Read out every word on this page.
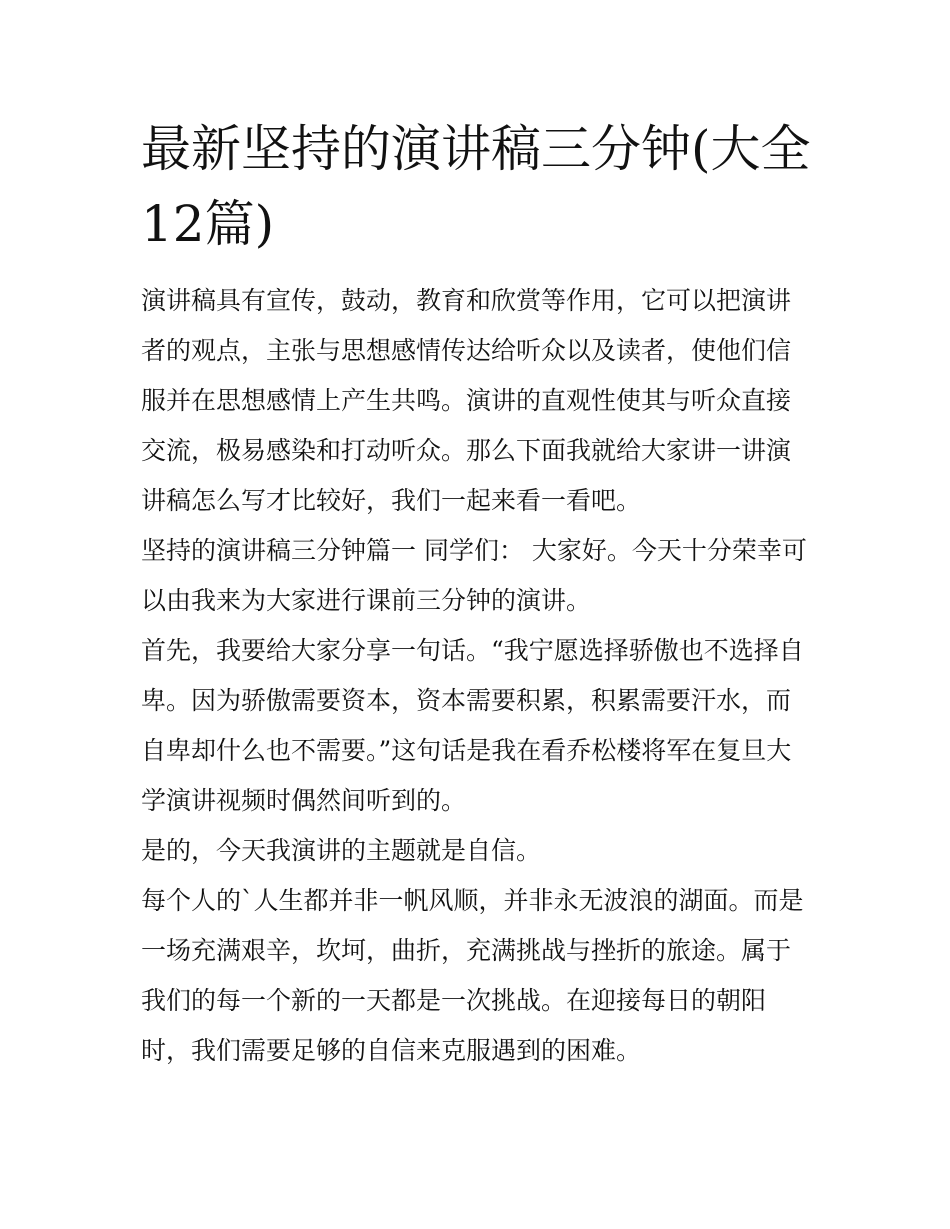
最新坚持的演讲稿三分钟(大全12篇)

演讲稿具有宣传，鼓动，教育和欣赏等作用，它可以把演讲者的观点，主张与思想感情传达给听众以及读者，使他们信服并在思想感情上产生共鸣。演讲的直观性使其与听众直接交流，极易感染和打动听众。那么下面我就给大家讲一讲演讲稿怎么写才比较好，我们一起来看一看吧。

坚持的演讲稿三分钟篇一 同学们： 大家好。今天十分荣幸可以由我来为大家进行课前三分钟的演讲。

首先，我要给大家分享一句话。“我宁愿选择骄傲也不选择自卑。因为骄傲需要资本，资本需要积累，积累需要汗水，而自卑却什么也不需要。”这句话是我在看乔松楼将军在复旦大学演讲视频时偶然间听到的。

是的，今天我演讲的主题就是自信。

每个人的`人生都并非一帆风顺，并非永无波浪的湖面。而是一场充满艰辛，坎坷，曲折，充满挑战与挫折的旅途。属于我们的每一个新的一天都是一次挑战。在迎接每日的朝阳时，我们需要足够的自信来克服遇到的困难。
